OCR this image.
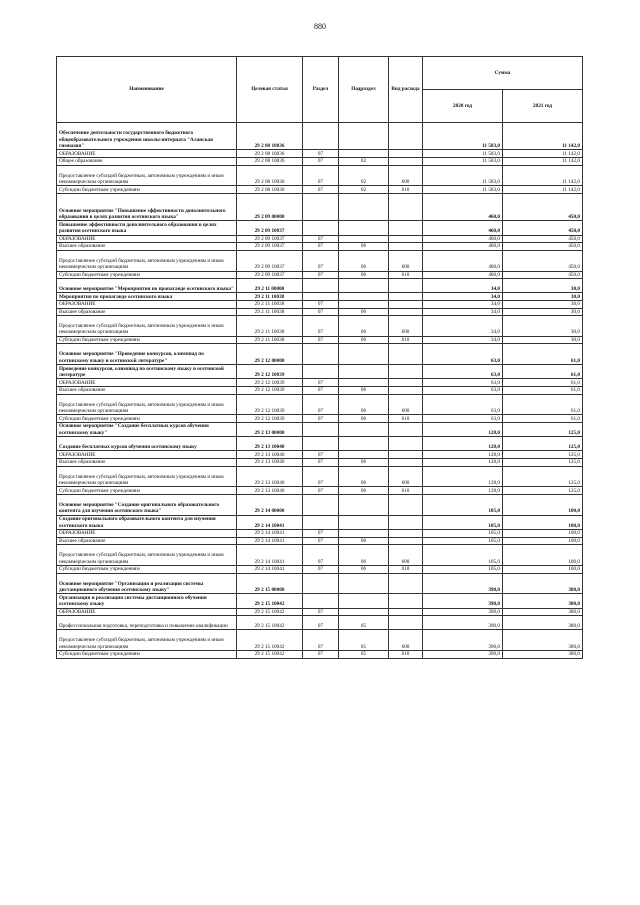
880
Наименование	Целевая статья	Раздел	Подраздел	Вид расхода	Сумма	
					2020 год	2021 год
Обеспечение деятельности государственного бюджетного общеобразовательного учреждения школы-интерната "Аланская гимназия"	29 2 08 10036				11 583,0	11 142,0
ОБРАЗОВАНИЕ	29 2 08 10036	07			11 583,0	11 142,0
Общее образование	29 2 08 10036	07	02		11 583,0	11 142,0
Предоставление субсидий бюджетным, автономным учреждениям и иным некоммерческим организациям	29 2 08 10036	07	02	600	11 583,0	11 142,0
Субсидии бюджетным учреждениям	29 2 08 10036	07	02	610	11 583,0	11 142,0
Основное мероприятие "Повышение эффективности дополнительного образования в целях развития осетинского языка"	29 2 09 00000				460,0	450,0
Повышение эффективности дополнительного образования в целях развития осетинского языка	29 2 09 10037				460,0	450,0
ОБРАЗОВАНИЕ	29 2 09 10037	07			460,0	450,0
Высшее образование	29 2 09 10037	07	06		460,0	450,0
Предоставление субсидий бюджетным, автономным учреждениям и иным некоммерческим организациям	29 2 09 10037	07	06	600	460,0	450,0
Субсидии бюджетным учреждениям	29 2 09 10037	07	06	610	460,0	450,0
Основное мероприятие "Мероприятия по пропаганде осетинского языка"	29 2 11 00000				34,0	30,0
Мероприятия по пропаганде осетинского языка	29 2 11 10038				34,0	30,0
ОБРАЗОВАНИЕ	29 2 11 10038	07			34,0	30,0
Высшее образование	29 2 11 10038	07	06		34,0	30,0
Предоставление субсидий бюджетным, автономным учреждениям и иным некоммерческим организациям	29 2 11 10038	07	06	600	34,0	30,0
Субсидии бюджетным учреждениям	29 2 11 10038	07	06	610	34,0	30,0
Основное мероприятие "Проведение конкурсов, олимпиад по осетинскому языку и осетинской литературе"	29 2 12 00000				63,0	61,0
Проведение конкурсов, олимпиад по осетинскому языку и осетинской литературе	29 2 12 10039				63,0	61,0
ОБРАЗОВАНИЕ	29 2 12 10039	07			63,0	61,0
Высшее образование	29 2 12 10039	07	06		63,0	61,0
Предоставление субсидий бюджетным, автономным учреждениям и иным некоммерческим организациям	29 2 12 10039	07	06	600	63,0	61,0
Субсидии бюджетным учреждениям	29 2 12 10039	07	06	610	63,0	61,0
Основное мероприятие "Создание бесплатных курсов обучения осетинскому языку"	29 2 13 00000				128,0	125,0
Создание бесплатных курсов обучения осетинскому языку	29 2 13 10040				128,0	125,0
ОБРАЗОВАНИЕ	29 2 13 10040	07			128,0	125,0
Высшее образование	29 2 13 10040	07	06		128,0	125,0
Предоставление субсидий бюджетным, автономным учреждениям и иным некоммерческим организациям	29 2 13 10040	07	06	600	128,0	125,0
Субсидии бюджетным учреждениям	29 2 13 10040	07	06	610	128,0	125,0
Основное мероприятие "Создание оригинального образовательного контента для изучения осетинского языка"	29 2 14 00000				105,0	100,0
Создание оригинального образовательного контента для изучения осетинского языка	29 2 14 10041				105,0	100,0
ОБРАЗОВАНИЕ	29 2 14 10041	07			105,0	100,0
Высшее образование	29 2 14 10041	07	06		105,0	100,0
Предоставление субсидий бюджетным, автономным учреждениям и иным некоммерческим организациям	29 2 14 10041	07	06	600	105,0	100,0
Субсидии бюджетным учреждениям	29 2 14 10041	07	06	610	105,0	100,0
Основное мероприятие "Организация и реализация системы дистанционного обучения осетинскому языку"	29 2 15 00000				390,0	380,0
Организация и реализация системы дистанционного обучения осетинскому языку	29 2 15 10042				390,0	380,0
ОБРАЗОВАНИЕ	29 2 15 10042	07			390,0	380,0
Профессиональная подготовка, переподготовка и повышение квалификации	29 2 15 10042	07	05		390,0	380,0
Предоставление субсидий бюджетным, автономным учреждениям и иным некоммерческим организациям	29 2 15 10042	07	05	600	390,0	380,0
Субсидии бюджетным учреждениям	29 2 15 10042	07	05	610	390,0	380,0
